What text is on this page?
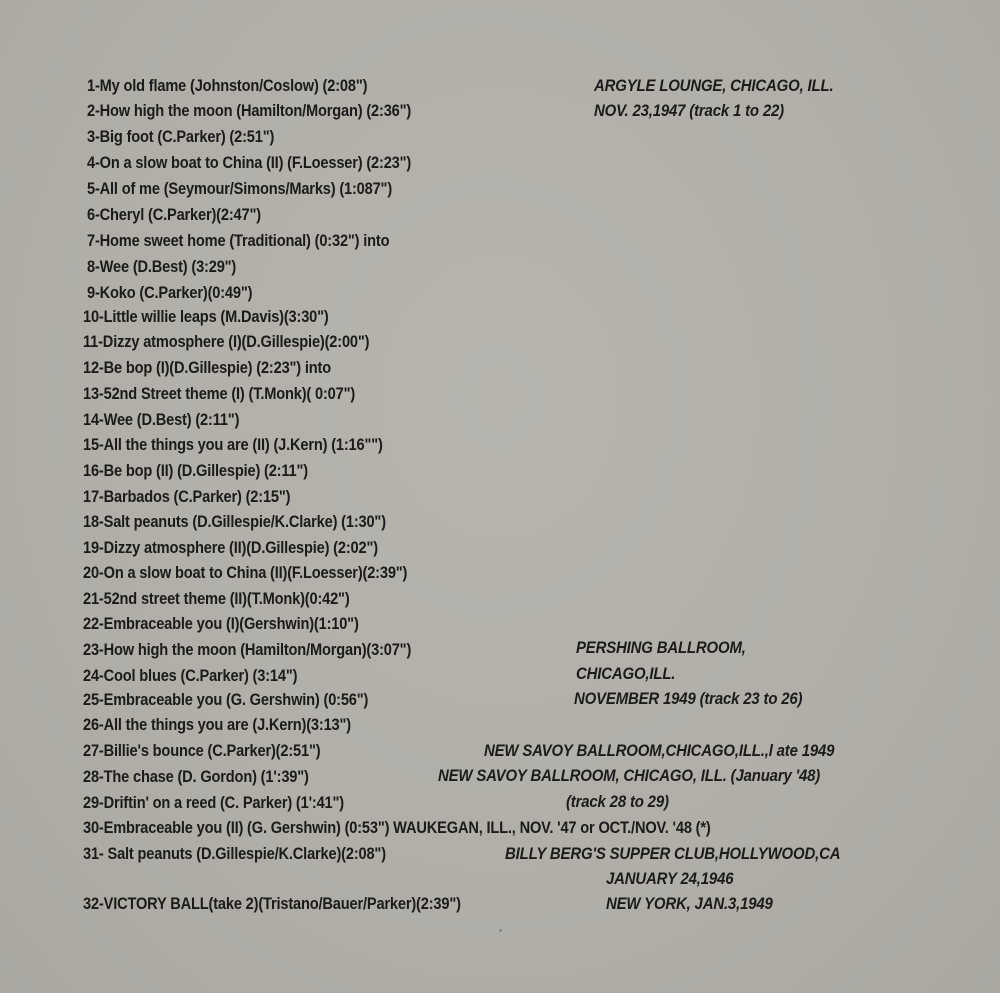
1-My old flame (Johnston/Coslow) (2:08")
2-How high the moon (Hamilton/Morgan) (2:36")
3-Big foot (C.Parker) (2:51")
4-On a slow boat to China (II) (F.Loesser) (2:23")
5-All of me (Seymour/Simons/Marks) (1:087")
6-Cheryl (C.Parker)(2:47")
7-Home sweet home (Traditional) (0:32") into
8-Wee (D.Best) (3:29")
9-Koko (C.Parker)(0:49")
10-Little willie leaps (M.Davis)(3:30")
11-Dizzy atmosphere (I)(D.Gillespie)(2:00")
12-Be bop (I)(D.Gillespie) (2:23") into
13-52nd Street theme (I) (T.Monk)( 0:07")
14-Wee (D.Best) (2:11")
15-All the things you are (II) (J.Kern) (1:16"")
16-Be bop (II) (D.Gillespie) (2:11")
17-Barbados (C.Parker) (2:15")
18-Salt peanuts (D.Gillespie/K.Clarke) (1:30")
19-Dizzy atmosphere (II)(D.Gillespie) (2:02")
20-On a slow boat to China (II)(F.Loesser)(2:39")
21-52nd street theme (II)(T.Monk)(0:42")
22-Embraceable you (I)(Gershwin)(1:10")
23-How high the moon (Hamilton/Morgan)(3:07")
24-Cool blues (C.Parker) (3:14")
25-Embraceable you (G. Gershwin) (0:56")
26-All the things you are (J.Kern)(3:13")
27-Billie's bounce (C.Parker)(2:51")
28-The chase (D. Gordon) (1':39")
29-Driftin' on a reed (C. Parker) (1':41")
30-Embraceable you (II) (G. Gershwin) (0:53") WAUKEGAN, ILL., NOV. '47 or OCT./NOV. '48 (*)
31- Salt peanuts (D.Gillespie/K.Clarke)(2:08")
32-VICTORY BALL(take 2)(Tristano/Bauer/Parker)(2:39")
ARGYLE LOUNGE, CHICAGO, ILL.
NOV. 23,1947 (track 1 to 22)
PERSHING BALLROOM,
CHICAGO,ILL.
NOVEMBER 1949 (track 23 to 26)
NEW SAVOY BALLROOM,CHICAGO,ILL.,l ate 1949
NEW SAVOY BALLROOM, CHICAGO, ILL. (January '48)
(track 28 to 29)
BILLY BERG'S SUPPER CLUB,HOLLYWOOD,CA
JANUARY 24,1946
NEW YORK, JAN.3,1949
